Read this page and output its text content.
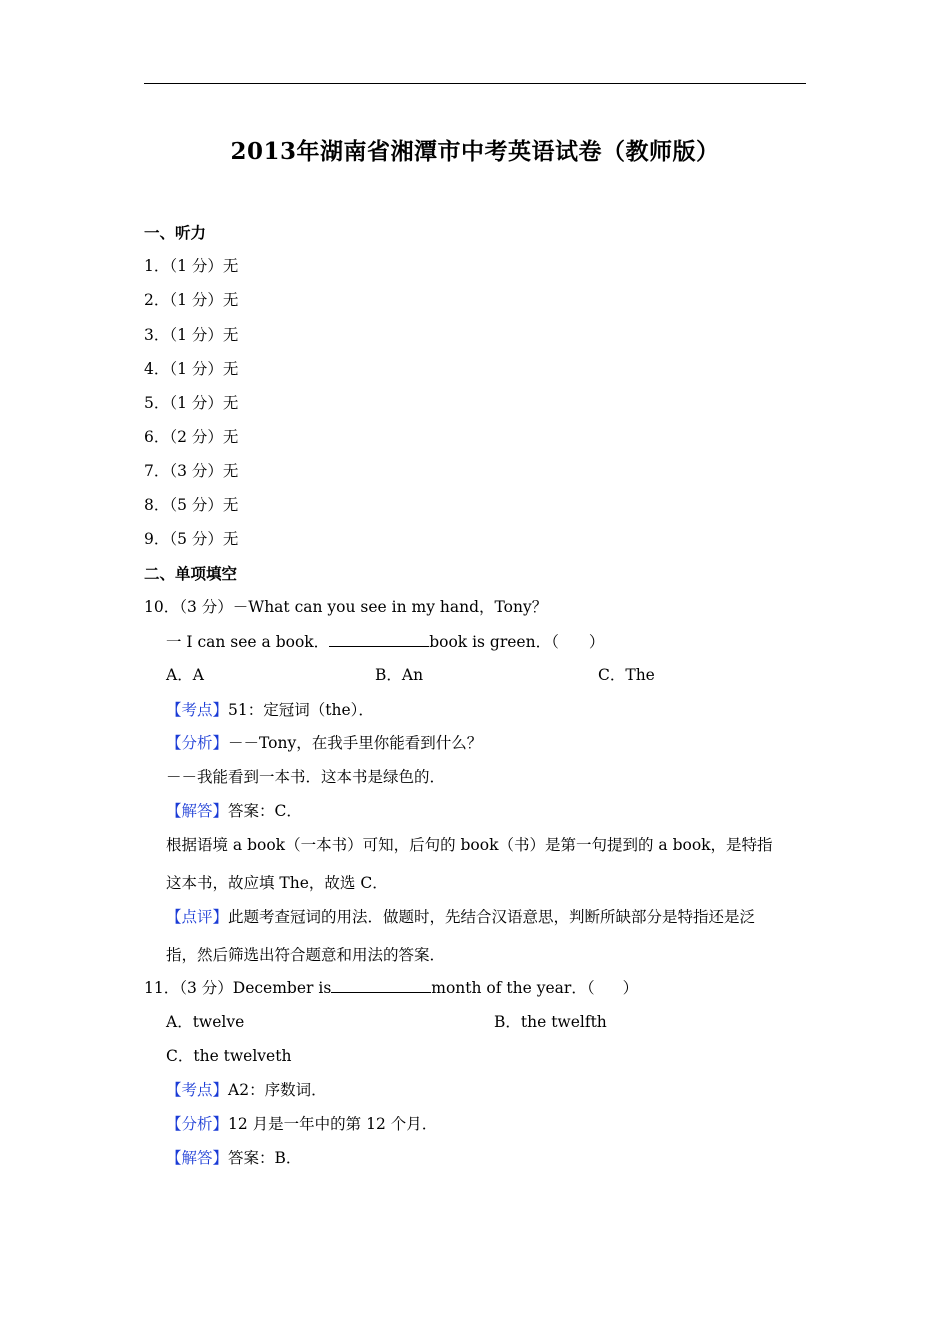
2013年湖南省湘潭市中考英语试卷（教师版）
一、听力
1．（1 分）无
2．（1 分）无
3．（1 分）无
4．（1 分）无
5．（1 分）无
6．（2 分）无
7．（3 分）无
8．（5 分）无
9．（5 分）无
二、单项填空
10．（3 分）－What can you see in my hand，Tony？
一 I can see a book．	book is green．（ ）
A．A	B．An	C．The
【考点】51：定冠词（the）．
【分析】－－Tony，在我手里你能看到什么？
－－我能看到一本书．这本书是绿色的．
【解答】答案：C．
根据语境 a book（一本书）可知，后句的 book（书）是第一句提到的 a book，是特指
这本书，故应填 The，故选 C．
【点评】此题考查冠词的用法．做题时，先结合汉语意思，判断所缺部分是特指还是泛
指，然后筛选出符合题意和用法的答案．
11．（3 分）December is	month of the year．（ ）
A．twelve	B．the twelfth
C．the twelveth
【考点】A2：序数词．
【分析】12 月是一年中的第 12 个月．
【解答】答案：B．
